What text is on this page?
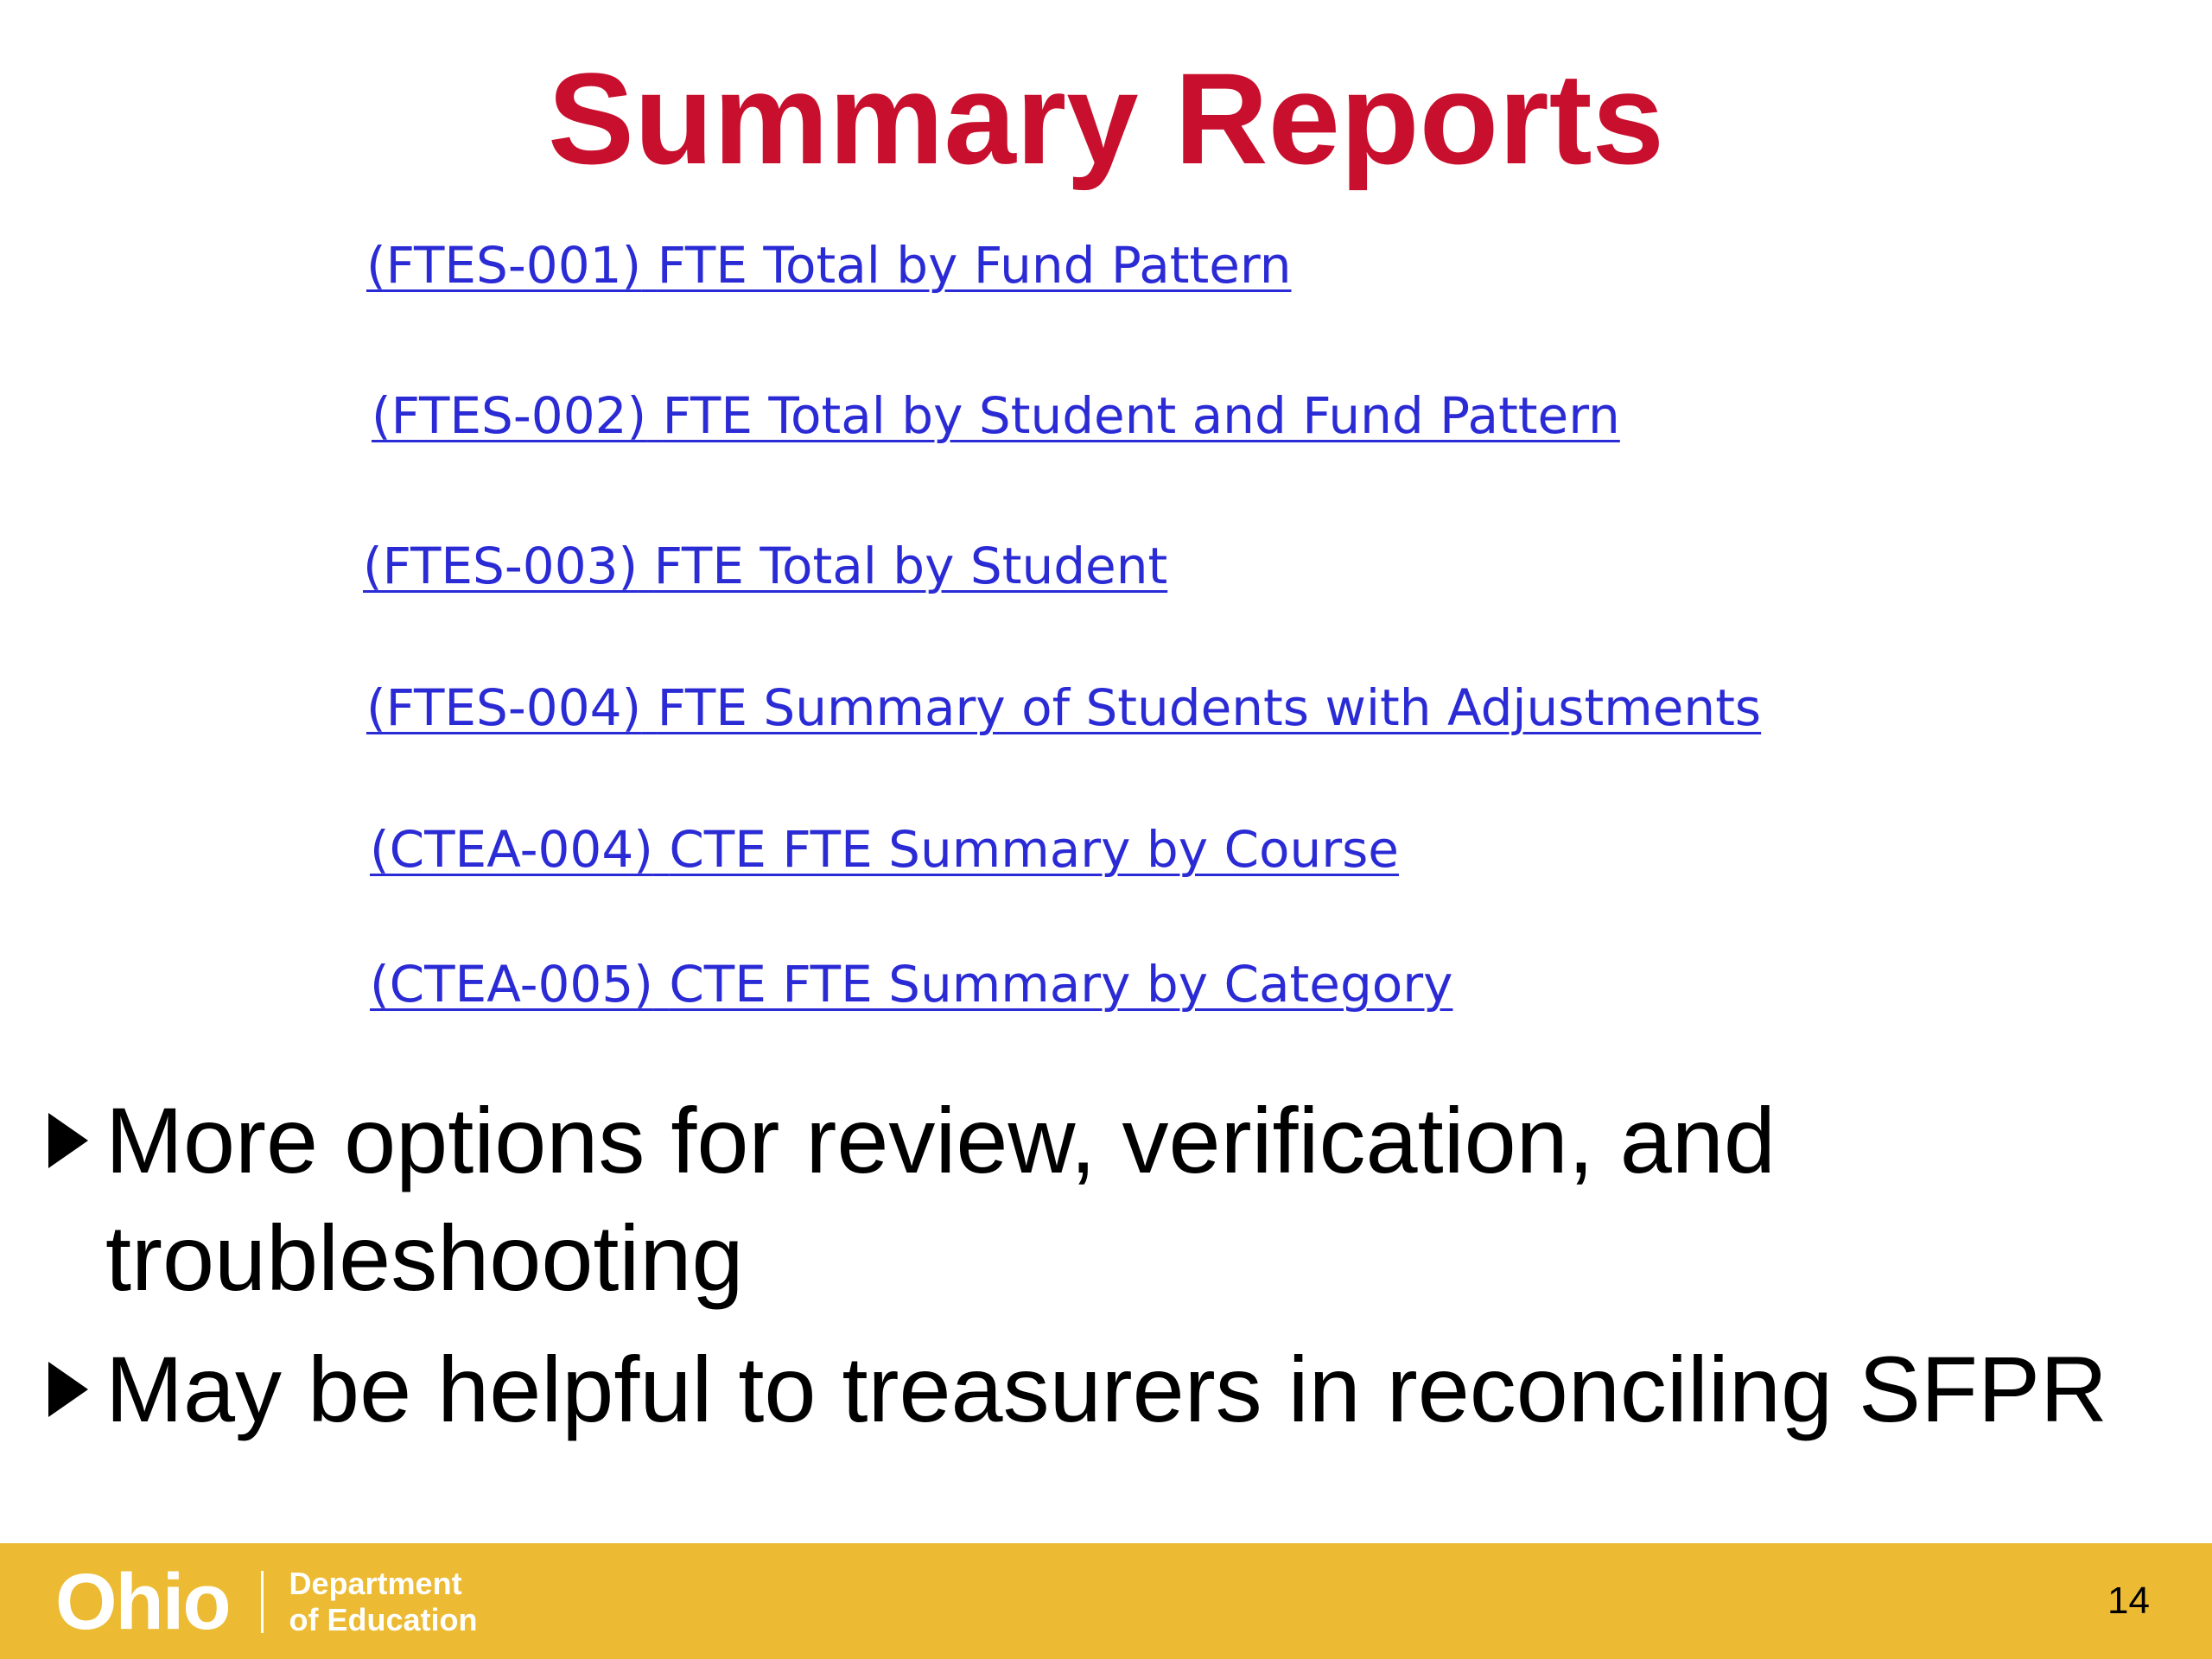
Summary Reports
(FTES-001) FTE Total by Fund Pattern
(FTES-002) FTE Total by Student and Fund Pattern
(FTES-003) FTE Total by Student
(FTES-004) FTE Summary of Students with Adjustments
(CTEA-004) CTE FTE Summary by Course
(CTEA-005) CTE FTE Summary by Category
More options for review, verification, and troubleshooting
May be helpful to treasurers in reconciling SFPR
Ohio Department
of Education	14
